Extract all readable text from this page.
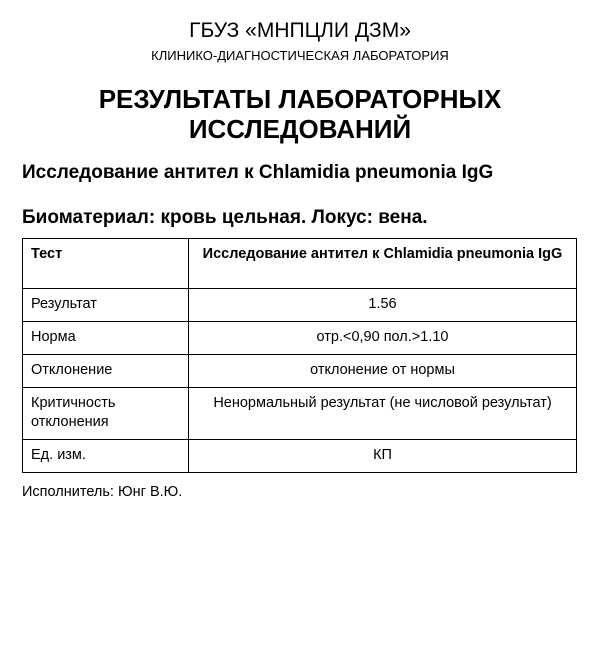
ГБУЗ «МНПЦЛИ ДЗМ»
КЛИНИКО-ДИАГНОСТИЧЕСКАЯ ЛАБОРАТОРИЯ
РЕЗУЛЬТАТЫ ЛАБОРАТОРНЫХ ИССЛЕДОВАНИЙ
Исследование антител к Chlamidia pneumonia IgG
Биоматериал: кровь цельная. Локус: вена.
Тест	Исследование антител к Chlamidia pneumonia IgG
Результат	1.56
Норма	отр.<0,90 пол.>1.10
Отклонение	отклонение от нормы
Критичность отклонения	Ненормальный результат (не числовой результат)
Ед. изм.	КП
Исполнитель: Юнг В.Ю.
